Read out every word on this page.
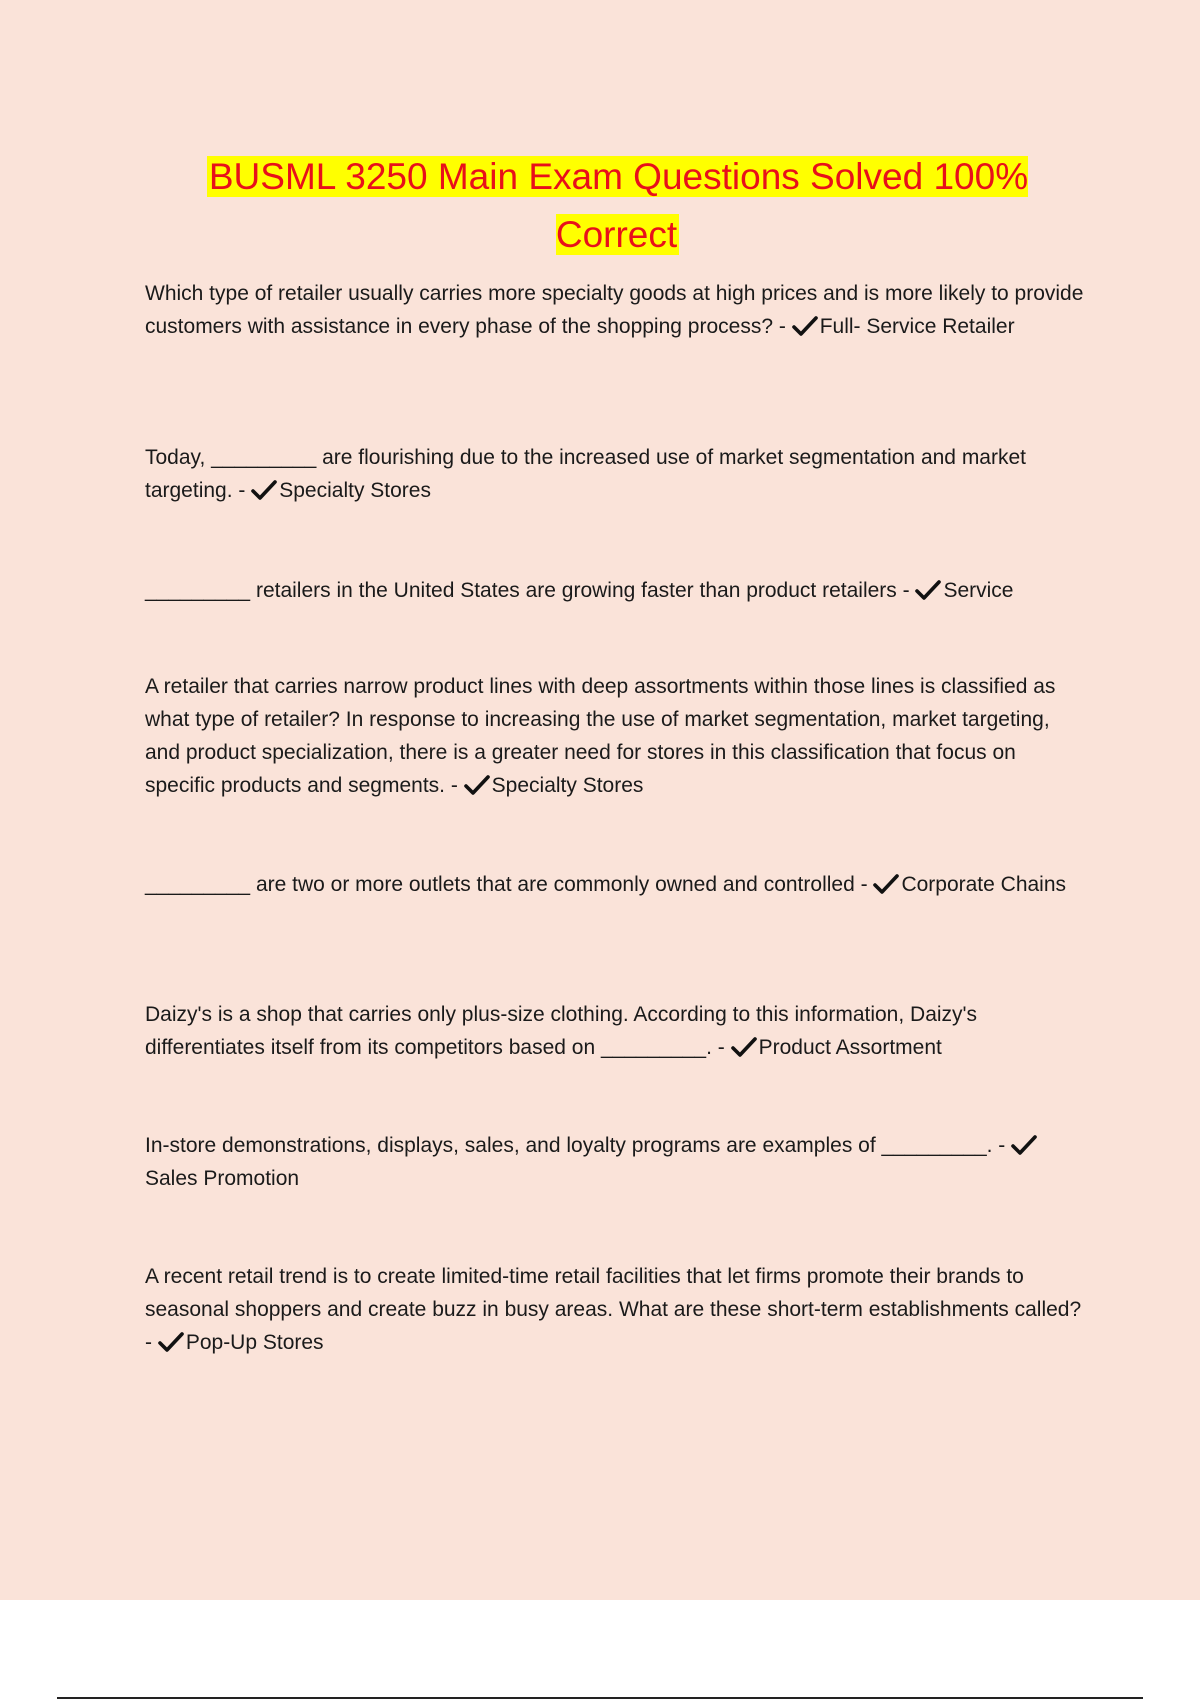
BUSML 3250 Main Exam Questions Solved 100% Correct
Which type of retailer usually carries more specialty goods at high prices and is more likely to provide customers with assistance in every phase of the shopping process? -
Full- Service Retailer
Today, _________ are flourishing due to the increased use of market segmentation and market targeting. -
Specialty Stores
_________ retailers in the United States are growing faster than product retailers -
Service
A retailer that carries narrow product lines with deep assortments within those lines is classified as what type of retailer? In response to increasing the use of market segmentation, market targeting, and product specialization, there is a greater need for stores in this classification that focus on specific products and segments. -
Specialty Stores
_________ are two or more outlets that are commonly owned and controlled -
Corporate Chains
Daizy's is a shop that carries only plus-size clothing. According to this information, Daizy's differentiates itself from its competitors based on _________. -
Product Assortment
In-store demonstrations, displays, sales, and loyalty programs are examples of _________. -
Sales Promotion
A recent retail trend is to create limited-time retail facilities that let firms promote their brands to seasonal shoppers and create buzz in busy areas. What are these short-term establishments called? -
Pop-Up Stores
